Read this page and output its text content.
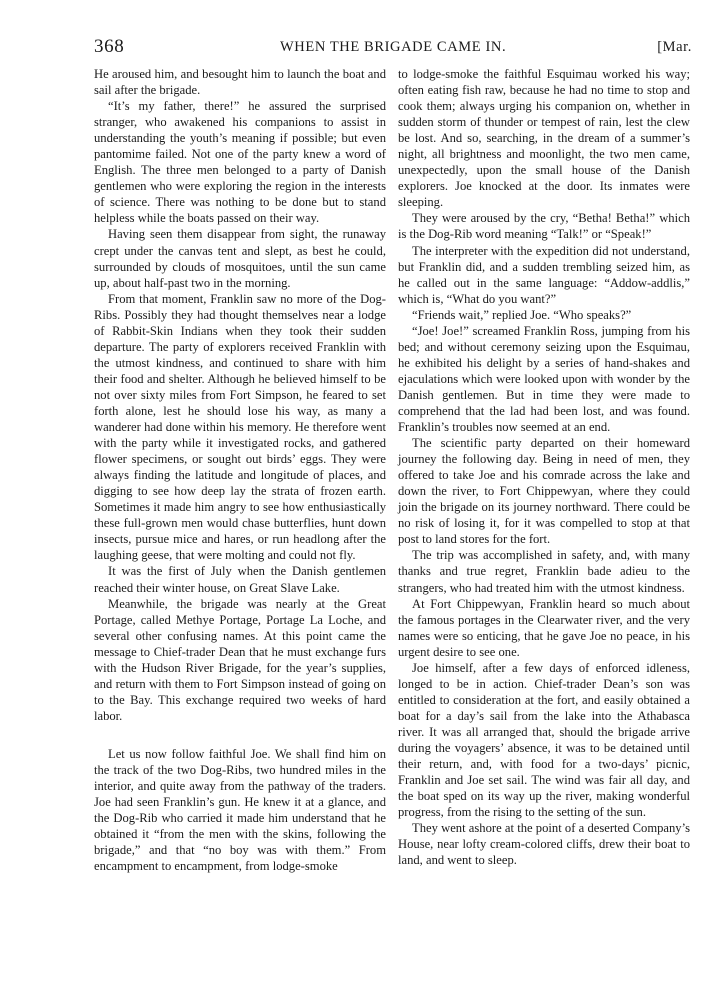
368	WHEN THE BRIGADE CAME IN.	[Mar.

He aroused him, and besought him to launch the boat and sail after the brigade.

“It’s my father, there!” he assured the surprised stranger, who awakened his companions to assist in understanding the youth’s meaning if possible; but even pantomime failed. Not one of the party knew a word of English. The three men belonged to a party of Danish gentlemen who were exploring the region in the interests of science. There was nothing to be done but to stand helpless while the boats passed on their way.

Having seen them disappear from sight, the runaway crept under the canvas tent and slept, as best he could, surrounded by clouds of mosquitoes, until the sun came up, about half-past two in the morning.

From that moment, Franklin saw no more of the Dog-Ribs. Possibly they had thought themselves near a lodge of Rabbit-Skin Indians when they took their sudden departure. The party of explorers received Franklin with the utmost kindness, and continued to share with him their food and shelter. Although he believed himself to be not over sixty miles from Fort Simpson, he feared to set forth alone, lest he should lose his way, as many a wanderer had done within his memory. He therefore went with the party while it investigated rocks, and gathered flower specimens, or sought out birds’ eggs. They were always finding the latitude and longitude of places, and digging to see how deep lay the strata of frozen earth. Sometimes it made him angry to see how enthusiastically these full-grown men would chase butterflies, hunt down insects, pursue mice and hares, or run headlong after the laughing geese, that were molting and could not fly.

It was the first of July when the Danish gentlemen reached their winter house, on Great Slave Lake.

Meanwhile, the brigade was nearly at the Great Portage, called Methye Portage, Portage La Loche, and several other confusing names. At this point came the message to Chief-trader Dean that he must exchange furs with the Hudson River Brigade, for the year’s supplies, and return with them to Fort Simpson instead of going on to the Bay. This exchange required two weeks of hard labor.

Let us now follow faithful Joe. We shall find him on the track of the two Dog-Ribs, two hundred miles in the interior, and quite away from the pathway of the traders. Joe had seen Franklin’s gun. He knew it at a glance, and the Dog-Rib who carried it made him understand that he obtained it “from the men with the skins, following the brigade,” and that “no boy was with them.” From encampment to encampment, from lodge-smoke

to lodge-smoke the faithful Esquimau worked his way; often eating fish raw, because he had no time to stop and cook them; always urging his companion on, whether in sudden storm of thunder or tempest of rain, lest the clew be lost. And so, searching, in the dream of a summer’s night, all brightness and moonlight, the two men came, unexpectedly, upon the small house of the Danish explorers. Joe knocked at the door. Its inmates were sleeping.

They were aroused by the cry, “Betha! Betha!” which is the Dog-Rib word meaning “Talk!” or “Speak!”

The interpreter with the expedition did not understand, but Franklin did, and a sudden trembling seized him, as he called out in the same language: “Addow-addlis,” which is, “What do you want?”

“Friends wait,” replied Joe. “Who speaks?”

“Joe! Joe!” screamed Franklin Ross, jumping from his bed; and without ceremony seizing upon the Esquimau, he exhibited his delight by a series of hand-shakes and ejaculations which were looked upon with wonder by the Danish gentlemen. But in time they were made to comprehend that the lad had been lost, and was found. Franklin’s troubles now seemed at an end.

The scientific party departed on their homeward journey the following day. Being in need of men, they offered to take Joe and his comrade across the lake and down the river, to Fort Chippewyan, where they could join the brigade on its journey northward. There could be no risk of losing it, for it was compelled to stop at that post to land stores for the fort.

The trip was accomplished in safety, and, with many thanks and true regret, Franklin bade adieu to the strangers, who had treated him with the utmost kindness.

At Fort Chippewyan, Franklin heard so much about the famous portages in the Clearwater river, and the very names were so enticing, that he gave Joe no peace, in his urgent desire to see one.

Joe himself, after a few days of enforced idleness, longed to be in action. Chief-trader Dean’s son was entitled to consideration at the fort, and easily obtained a boat for a day’s sail from the lake into the Athabasca river. It was all arranged that, should the brigade arrive during the voyagers’ absence, it was to be detained until their return, and, with food for a two-days’ picnic, Franklin and Joe set sail. The wind was fair all day, and the boat sped on its way up the river, making wonderful progress, from the rising to the setting of the sun.

They went ashore at the point of a deserted Company’s House, near lofty cream-colored cliffs, drew their boat to land, and went to sleep.
